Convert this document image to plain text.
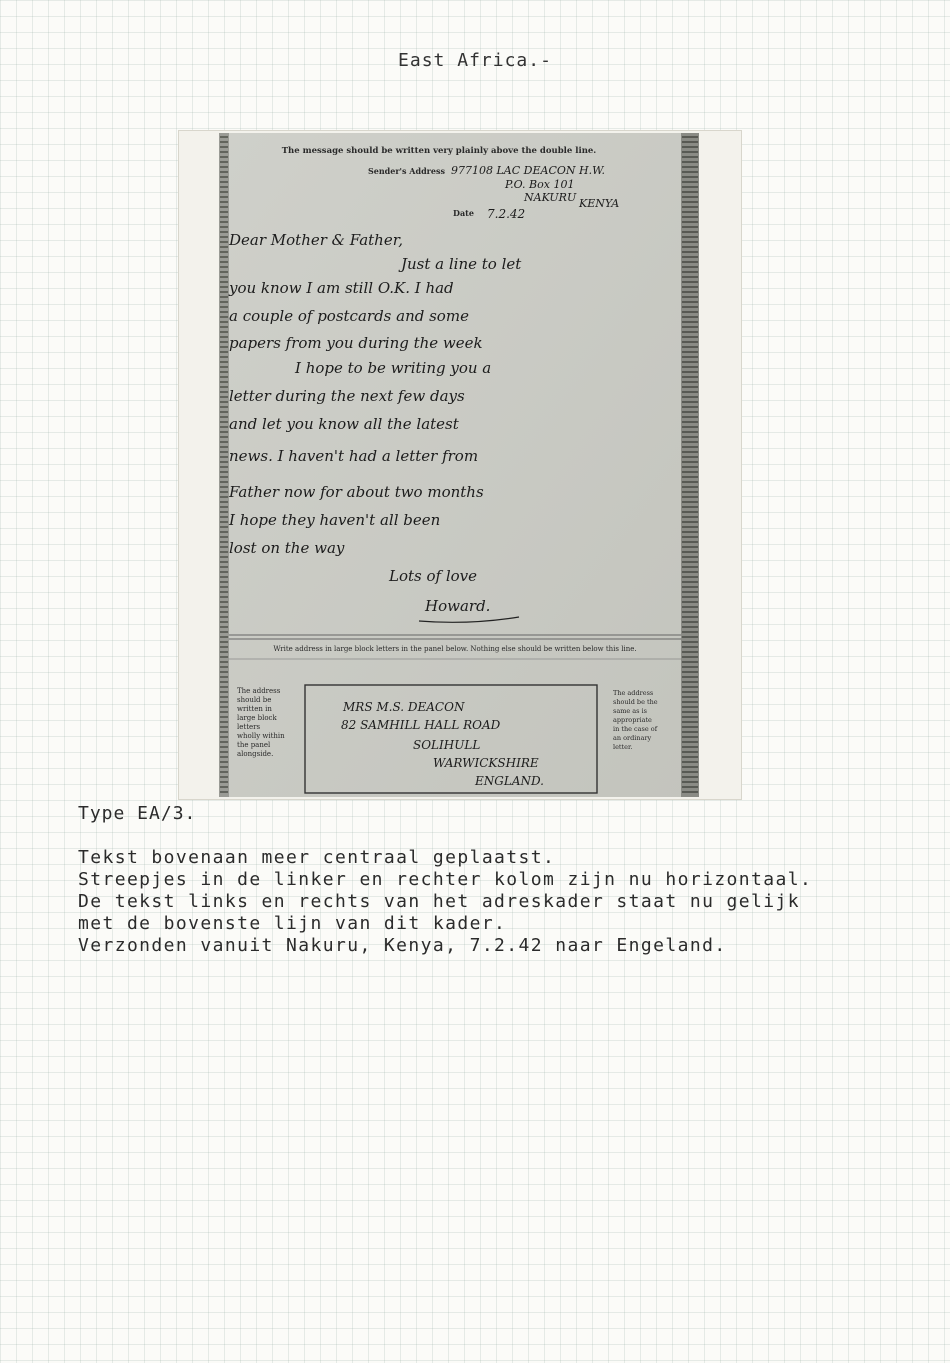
East Africa.-
The message should be written very plainly above the double line.
Sender's Address 977108 LAC DEACON H.W.
P.O. Box 101
NAKURU KENYA
Date 7.2.42
Dear Mother & Father,
Just a line to let
you know I am still O.K. I had
a couple of postcards and some
papers from you during the week
I hope to be writing you a
letter during the next few days
and let you know all the latest
news. I haven't had a letter from
Father now for about two months
I hope they haven't all been
lost on the way
Lots of love
Howard.
Write address in large block letters in the panel below. Nothing else should be written below this line.
The address
should be
written in
large block
letters
wholly within
the panel
alongside.
MRS M.S. DEACON
82 SAMHILL HALL ROAD
SOLIHULL
WARWICKSHIRE
ENGLAND.
The address
should be the
same as is
appropriate
in the case of
an ordinary
letter.
Type EA/3.
Tekst bovenaan meer centraal geplaatst.
Streepjes in de linker en rechter kolom zijn nu horizontaal.
De tekst links en rechts van het adreskader staat nu gelijk
met de bovenste lijn van dit kader.
Verzonden vanuit Nakuru, Kenya, 7.2.42 naar Engeland.
